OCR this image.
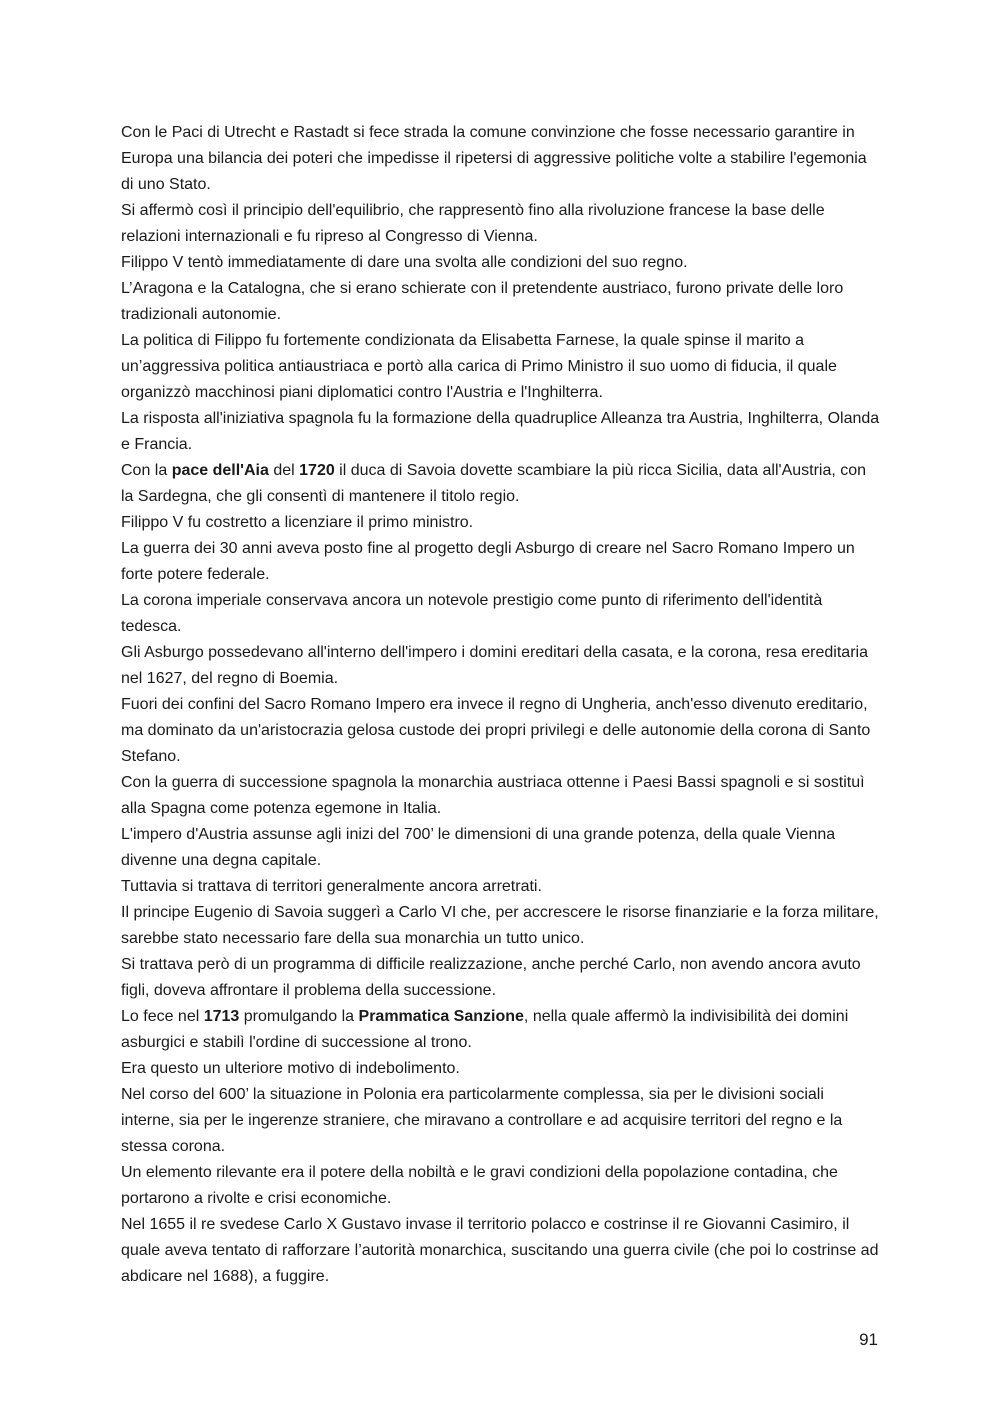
Con le Paci di Utrecht e Rastadt si fece strada la comune convinzione che fosse necessario garantire in Europa una bilancia dei poteri che impedisse il ripetersi di aggressive politiche volte a stabilire l'egemonia di uno Stato.

Si affermò così il principio dell'equilibrio, che rappresentò fino alla rivoluzione francese la base delle relazioni internazionali e fu ripreso al Congresso di Vienna.

Filippo V tentò immediatamente di dare una svolta alle condizioni del suo regno.

L’Aragona e la Catalogna, che si erano schierate con il pretendente austriaco, furono private delle loro tradizionali autonomie.

La politica di Filippo fu fortemente condizionata da Elisabetta Farnese, la quale spinse il marito a un’aggressiva politica antiaustriaca e portò alla carica di Primo Ministro il suo uomo di fiducia, il quale organizzò macchinosi piani diplomatici contro l'Austria e l'Inghilterra.

La risposta all'iniziativa spagnola fu la formazione della quadruplice Alleanza tra Austria, Inghilterra, Olanda e Francia.

Con la pace dell'Aia del 1720 il duca di Savoia dovette scambiare la più ricca Sicilia, data all'Austria, con la Sardegna, che gli consentì di mantenere il titolo regio.

Filippo V fu costretto a licenziare il primo ministro.

La guerra dei 30 anni aveva posto fine al progetto degli Asburgo di creare nel Sacro Romano Impero un forte potere federale.

La corona imperiale conservava ancora un notevole prestigio come punto di riferimento dell'identità tedesca.

Gli Asburgo possedevano all'interno dell'impero i domini ereditari della casata, e la corona, resa ereditaria nel 1627, del regno di Boemia.

Fuori dei confini del Sacro Romano Impero era invece il regno di Ungheria, anch'esso divenuto ereditario, ma dominato da un'aristocrazia gelosa custode dei propri privilegi e delle autonomie della corona di Santo Stefano.

Con la guerra di successione spagnola la monarchia austriaca ottenne i Paesi Bassi spagnoli e si sostituì alla Spagna come potenza egemone in Italia.

L'impero d'Austria assunse agli inizi del 700’ le dimensioni di una grande potenza, della quale Vienna divenne una degna capitale.

Tuttavia si trattava di territori generalmente ancora arretrati.

Il principe Eugenio di Savoia suggerì a Carlo VI che, per accrescere le risorse finanziarie e la forza militare, sarebbe stato necessario fare della sua monarchia un tutto unico.

Si trattava però di un programma di difficile realizzazione, anche perché Carlo, non avendo ancora avuto figli, doveva affrontare il problema della successione.

Lo fece nel 1713 promulgando la Prammatica Sanzione, nella quale affermò la indivisibilità dei domini asburgici e stabilì l'ordine di successione al trono.

Era questo un ulteriore motivo di indebolimento.

Nel corso del 600’ la situazione in Polonia era particolarmente complessa, sia per le divisioni sociali interne, sia per le ingerenze straniere, che miravano a controllare e ad acquisire territori del regno e la stessa corona.

Un elemento rilevante era il potere della nobiltà e le gravi condizioni della popolazione contadina, che portarono a rivolte e crisi economiche.

Nel 1655 il re svedese Carlo X Gustavo invase il territorio polacco e costrinse il re Giovanni Casimiro, il quale aveva tentato di rafforzare l’autorità monarchica, suscitando una guerra civile (che poi lo costrinse ad abdicare nel 1688), a fuggire.

91
